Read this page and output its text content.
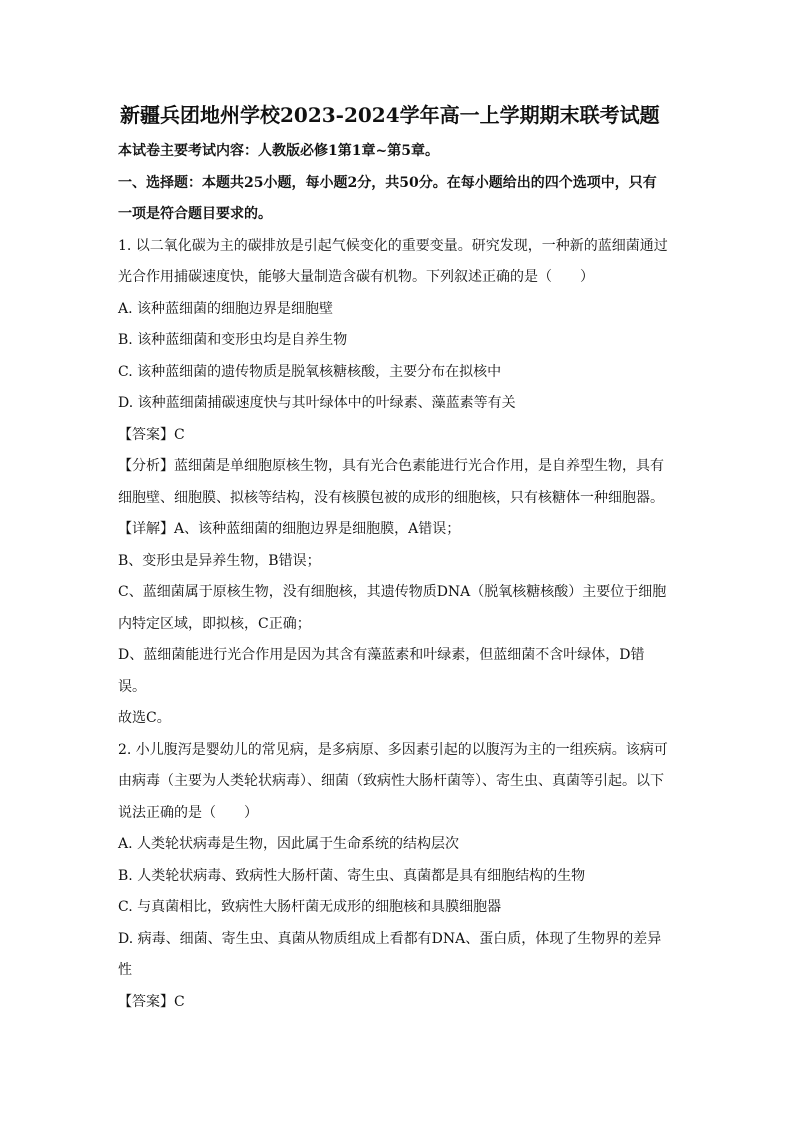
新疆兵团地州学校2023-2024学年高一上学期期末联考试题
本试卷主要考试内容：人教版必修1第1章~第5章。
一、选择题：本题共25小题，每小题2分，共50分。在每小题给出的四个选项中，只有
一项是符合题目要求的。
1. 以二氧化碳为主的碳排放是引起气候变化的重要变量。研究发现，一种新的蓝细菌通过
光合作用捕碳速度快，能够大量制造含碳有机物。下列叙述正确的是（　　）
A. 该种蓝细菌的细胞边界是细胞壁
B. 该种蓝细菌和变形虫均是自养生物
C. 该种蓝细菌的遗传物质是脱氧核糖核酸，主要分布在拟核中
D. 该种蓝细菌捕碳速度快与其叶绿体中的叶绿素、藻蓝素等有关
【答案】C
【分析】蓝细菌是单细胞原核生物，具有光合色素能进行光合作用，是自养型生物，具有
细胞壁、细胞膜、拟核等结构，没有核膜包被的成形的细胞核，只有核糖体一种细胞器。
【详解】A、该种蓝细菌的细胞边界是细胞膜，A错误；
B、变形虫是异养生物，B错误；
C、蓝细菌属于原核生物，没有细胞核，其遗传物质DNA（脱氧核糖核酸）主要位于细胞
内特定区域，即拟核，C正确；
D、蓝细菌能进行光合作用是因为其含有藻蓝素和叶绿素，但蓝细菌不含叶绿体，D错
误。
故选C。
2. 小儿腹泻是婴幼儿的常见病，是多病原、多因素引起的以腹泻为主的一组疾病。该病可
由病毒（主要为人类轮状病毒）、细菌（致病性大肠杆菌等）、寄生虫、真菌等引起。以下
说法正确的是（　　）
A. 人类轮状病毒是生物，因此属于生命系统的结构层次
B. 人类轮状病毒、致病性大肠杆菌、寄生虫、真菌都是具有细胞结构的生物
C. 与真菌相比，致病性大肠杆菌无成形的细胞核和具膜细胞器
D. 病毒、细菌、寄生虫、真菌从物质组成上看都有DNA、蛋白质，体现了生物界的差异
性
【答案】C
